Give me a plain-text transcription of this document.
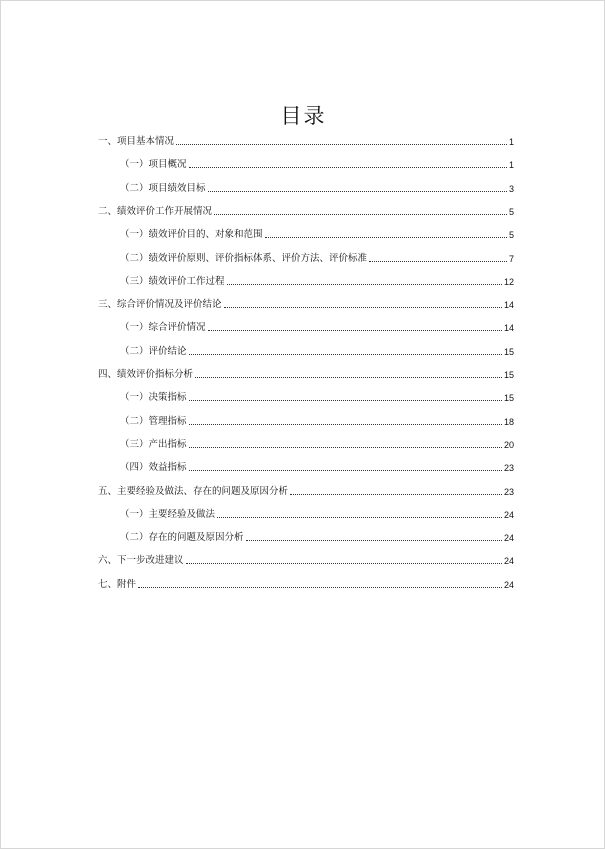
目录
一、项目基本情况	1
（一）项目概况	1
（二）项目绩效目标	3
二、绩效评价工作开展情况	5
（一）绩效评价目的、对象和范围	5
（二）绩效评价原则、评价指标体系、评价方法、评价标准	7
（三）绩效评价工作过程	12
三、综合评价情况及评价结论	14
（一）综合评价情况	14
（二）评价结论	15
四、绩效评价指标分析	15
（一）决策指标	15
（二）管理指标	18
（三）产出指标	20
（四）效益指标	23
五、主要经验及做法、存在的问题及原因分析	23
（一）主要经验及做法	24
（二）存在的问题及原因分析	24
六、下一步改进建议	24
七、附件	24
